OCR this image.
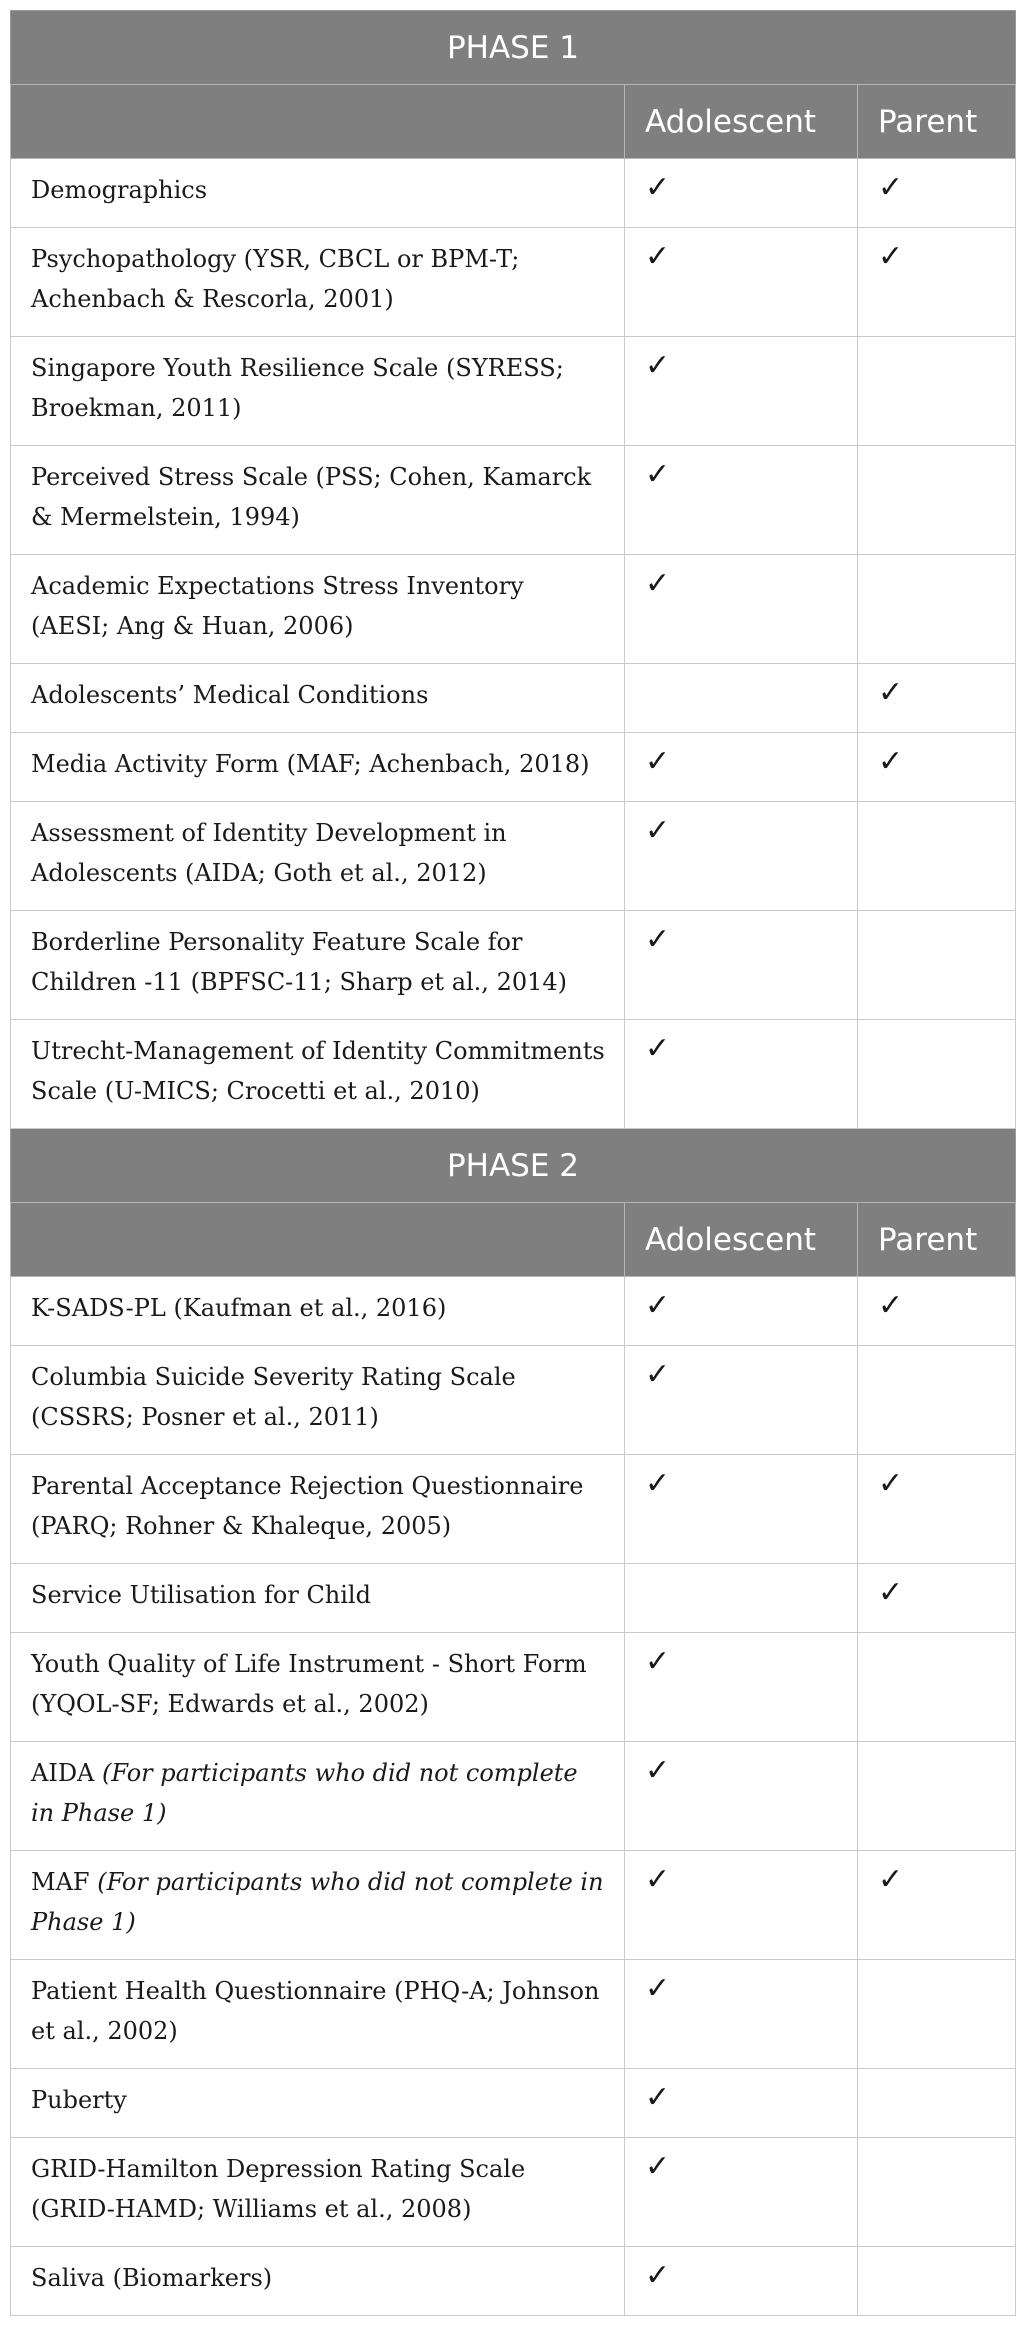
PHASE 1		
	Adolescent	Parent
Demographics	✓	✓
Psychopathology (YSR, CBCL or BPM-T; Achenbach & Rescorla, 2001)	✓	✓
Singapore Youth Resilience Scale (SYRESS; Broekman, 2011)	✓	
Perceived Stress Scale (PSS; Cohen, Kamarck & Mermelstein, 1994)	✓	
Academic Expectations Stress Inventory (AESI; Ang & Huan, 2006)	✓	
Adolescents’ Medical Conditions		✓
Media Activity Form (MAF; Achenbach, 2018)	✓	✓
Assessment of Identity Development in Adolescents (AIDA; Goth et al., 2012)	✓	
Borderline Personality Feature Scale for Children -11 (BPFSC-11; Sharp et al., 2014)	✓	
Utrecht-Management of Identity Commitments Scale (U-MICS; Crocetti et al., 2010)	✓	
PHASE 2		
	Adolescent	Parent
K-SADS-PL (Kaufman et al., 2016)	✓	✓
Columbia Suicide Severity Rating Scale (CSSRS; Posner et al., 2011)	✓	
Parental Acceptance Rejection Questionnaire (PARQ; Rohner & Khaleque, 2005)	✓	✓
Service Utilisation for Child		✓
Youth Quality of Life Instrument - Short Form (YQOL-SF; Edwards et al., 2002)	✓	
AIDA (For participants who did not complete in Phase 1)	✓	
MAF (For participants who did not complete in Phase 1)	✓	✓
Patient Health Questionnaire (PHQ-A; Johnson et al., 2002)	✓	
Puberty	✓	
GRID-Hamilton Depression Rating Scale (GRID-HAMD; Williams et al., 2008)	✓	
Saliva (Biomarkers)	✓	
